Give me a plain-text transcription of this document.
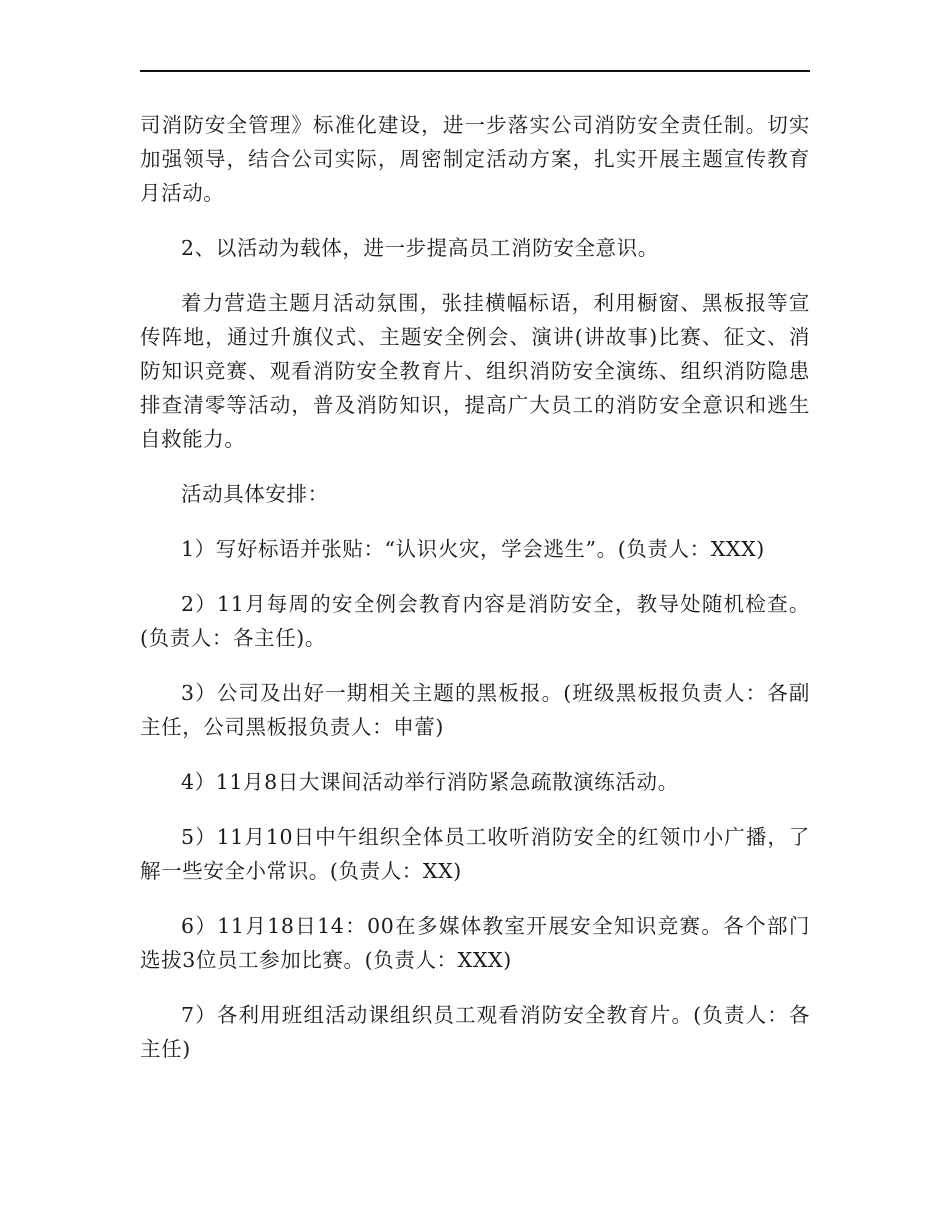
司消防安全管理》标准化建设，进一步落实公司消防安全责任制。切实加强领导，结合公司实际，周密制定活动方案，扎实开展主题宣传教育月活动。

2、以活动为载体，进一步提高员工消防安全意识。

着力营造主题月活动氛围，张挂横幅标语，利用橱窗、黑板报等宣传阵地，通过升旗仪式、主题安全例会、演讲(讲故事)比赛、征文、消防知识竞赛、观看消防安全教育片、组织消防安全演练、组织消防隐患排查清零等活动，普及消防知识，提高广大员工的消防安全意识和逃生自救能力。

活动具体安排：

1）写好标语并张贴：“认识火灾，学会逃生”。(负责人：XXX)

2）11月每周的安全例会教育内容是消防安全，教导处随机检查。(负责人：各主任)。

3）公司及出好一期相关主题的黑板报。(班级黑板报负责人：各副主任，公司黑板报负责人：申蕾)

4）11月8日大课间活动举行消防紧急疏散演练活动。

5）11月10日中午组织全体员工收听消防安全的红领巾小广播，了解一些安全小常识。(负责人：XX)

6）11月18日14：00在多媒体教室开展安全知识竞赛。各个部门选拔3位员工参加比赛。(负责人：XXX)

7）各利用班组活动课组织员工观看消防安全教育片。(负责人：各主任)
